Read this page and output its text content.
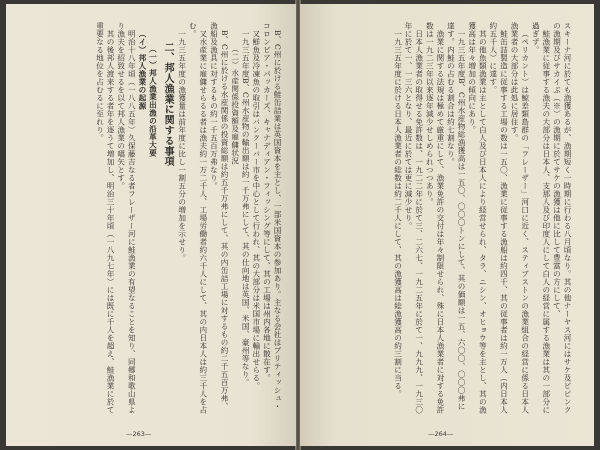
B、C州に於ける鮭缶詰業は英国資本を主とし、一部米国資本の参加あり。主なる会社はブリティッシュ・コロンビア・パッカーズ、キャナディアン・フィッシング等にして、其の工場は州内各地に散在す。

又鮮魚及冷凍魚の取引はバンクーバー市を中心として行われ、其の大部分は米国市場に輸出せらる。

一九三五年度B、C州水産物の輸出額は約一千万弗にして、其の仕向地は英国、米国、豪州等なり。

（二）水産関係投資額及雇傭状況

B、C州に於ける水産関係の投資総額は約五千万弗にして、其の内缶詰工場に対するもの約二千五百万弗、漁船及漁具に対するもの約一千五百万弗なり。

又水産業に雇傭せらるる者は漁夫約一万二千人、工場労働者約六千人にして、其の内日本人は約三千人を占む。

一九三五年度の漁獲量は前年度に比し一割五分の増加を示せり。

二、邦人漁業に関する事項

（一）邦人漁業出漁の沿革大要

（イ）邦人漁業の起源

明治十八年頃（一八八五年）久保藤吉なる者フレーザー河に鮭漁業の有望なることを知り、同郷和歌山県より漁夫を招致せるを以て邦人漁業の嚆矢とす。

其の後邦人渡来する者年を逐うて増加し、明治三十年頃（一八九七年）には既に千人を超え、鮭漁業に於て重要なる地位を占むるに至れり。

—263—

スキーナ河に於ても漁獲あるが、漁期短く一時期に行わる八月頃なり。其の他ナーヤス河にはサケ及ビピンクの漁期及びサカイぶ（※）の漁期に於てサケの漁獲は他に比して豊富の方にして、

鮭漁業に従事する漁夫の大部分は日本人、支那人及び印度人にして白人の経営に属する漁業は其の一部分に過ぎず。

（ペリカント）は鯨差類島群の「フレーザー」河口に近く、スティブストンの漁業組合の経営に係る日本人漁業者の大部分は此処に居住す。

鮭缶詰製造に従事する工場の数は一五〇、漁業に従事する漁船は約四千、其の従事者は約一万人（内日本人約五千人）に達す。

其の他魚類漁業は主として白人及び日本人により経営せられ、タラ、ニシン、オヒョウ等を主とし、其の漁獲高は年々増加の傾向にあり。

一九三五年度B、C州水産物総漁獲高は一五〇、〇〇〇トンにして、其の価額は一五、六〇〇、〇〇〇弗に達す。内鮭の占むる割合は約七割なり。

漁業に関する法規は極めて厳重にして、漁業免許の交付は年々制限せられ、殊に日本人漁業者に対する免許数は一九二三年以来逐年減少せしめられつつあり。

日本人漁業者の取得せる免許数は、一九二二年に於て三、二六七、一九二五年に於て一、九九九、一九三〇年に於て一、一三六となり、最近に於ては更に減少せり。

一九三五年度に於ける日本人漁業者の総数は約二千人にして、其の漁獲高は総漁獲高の約三割に当る。

—264—
